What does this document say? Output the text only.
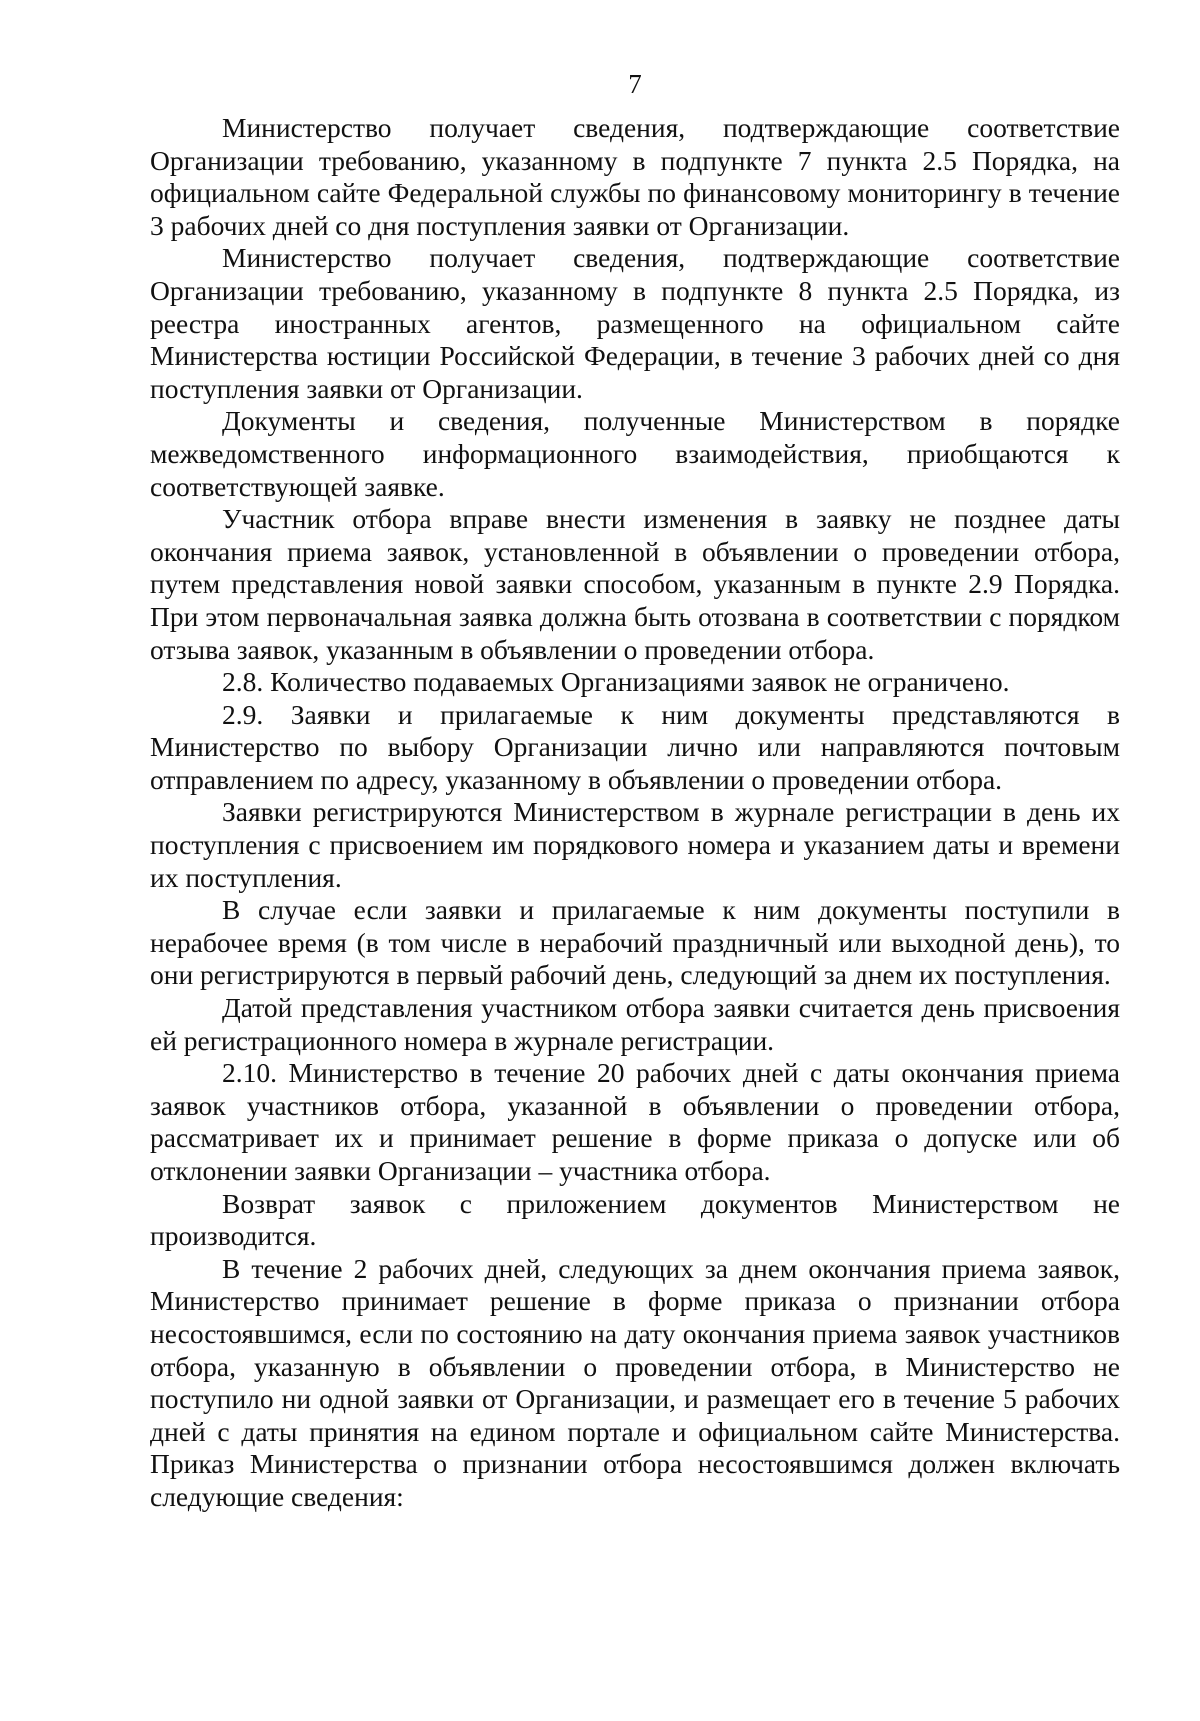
7

Министерство получает сведения, подтверждающие соответствие Организации требованию, указанному в подпункте 7 пункта 2.5 Порядка, на официальном сайте Федеральной службы по финансовому мониторингу в течение 3 рабочих дней со дня поступления заявки от Организации.

Министерство получает сведения, подтверждающие соответствие Организации требованию, указанному в подпункте 8 пункта 2.5 Порядка, из реестра иностранных агентов, размещенного на официальном сайте Министерства юстиции Российской Федерации, в течение 3 рабочих дней со дня поступления заявки от Организации.

Документы и сведения, полученные Министерством в порядке межведомственного информационного взаимодействия, приобщаются к соответствующей заявке.

Участник отбора вправе внести изменения в заявку не позднее даты окончания приема заявок, установленной в объявлении о проведении отбора, путем представления новой заявки способом, указанным в пункте 2.9 Порядка. При этом первоначальная заявка должна быть отозвана в соответствии с порядком отзыва заявок, указанным в объявлении о проведении отбора.

2.8. Количество подаваемых Организациями заявок не ограничено.

2.9. Заявки и прилагаемые к ним документы представляются в Министерство по выбору Организации лично или направляются почтовым отправлением по адресу, указанному в объявлении о проведении отбора.

Заявки регистрируются Министерством в журнале регистрации в день их поступления с присвоением им порядкового номера и указанием даты и времени их поступления.

В случае если заявки и прилагаемые к ним документы поступили в нерабочее время (в том числе в нерабочий праздничный или выходной день), то они регистрируются в первый рабочий день, следующий за днем их поступления.

Датой представления участником отбора заявки считается день присвоения ей регистрационного номера в журнале регистрации.

2.10. Министерство в течение 20 рабочих дней с даты окончания приема заявок участников отбора, указанной в объявлении о проведении отбора, рассматривает их и принимает решение в форме приказа о допуске или об отклонении заявки Организации – участника отбора.

Возврат заявок с приложением документов Министерством не производится.

В течение 2 рабочих дней, следующих за днем окончания приема заявок, Министерство принимает решение в форме приказа о признании отбора несостоявшимся, если по состоянию на дату окончания приема заявок участников отбора, указанную в объявлении о проведении отбора, в Министерство не поступило ни одной заявки от Организации, и размещает его в течение 5 рабочих дней с даты принятия на едином портале и официальном сайте Министерства. Приказ Министерства о признании отбора несостоявшимся должен включать следующие сведения:
